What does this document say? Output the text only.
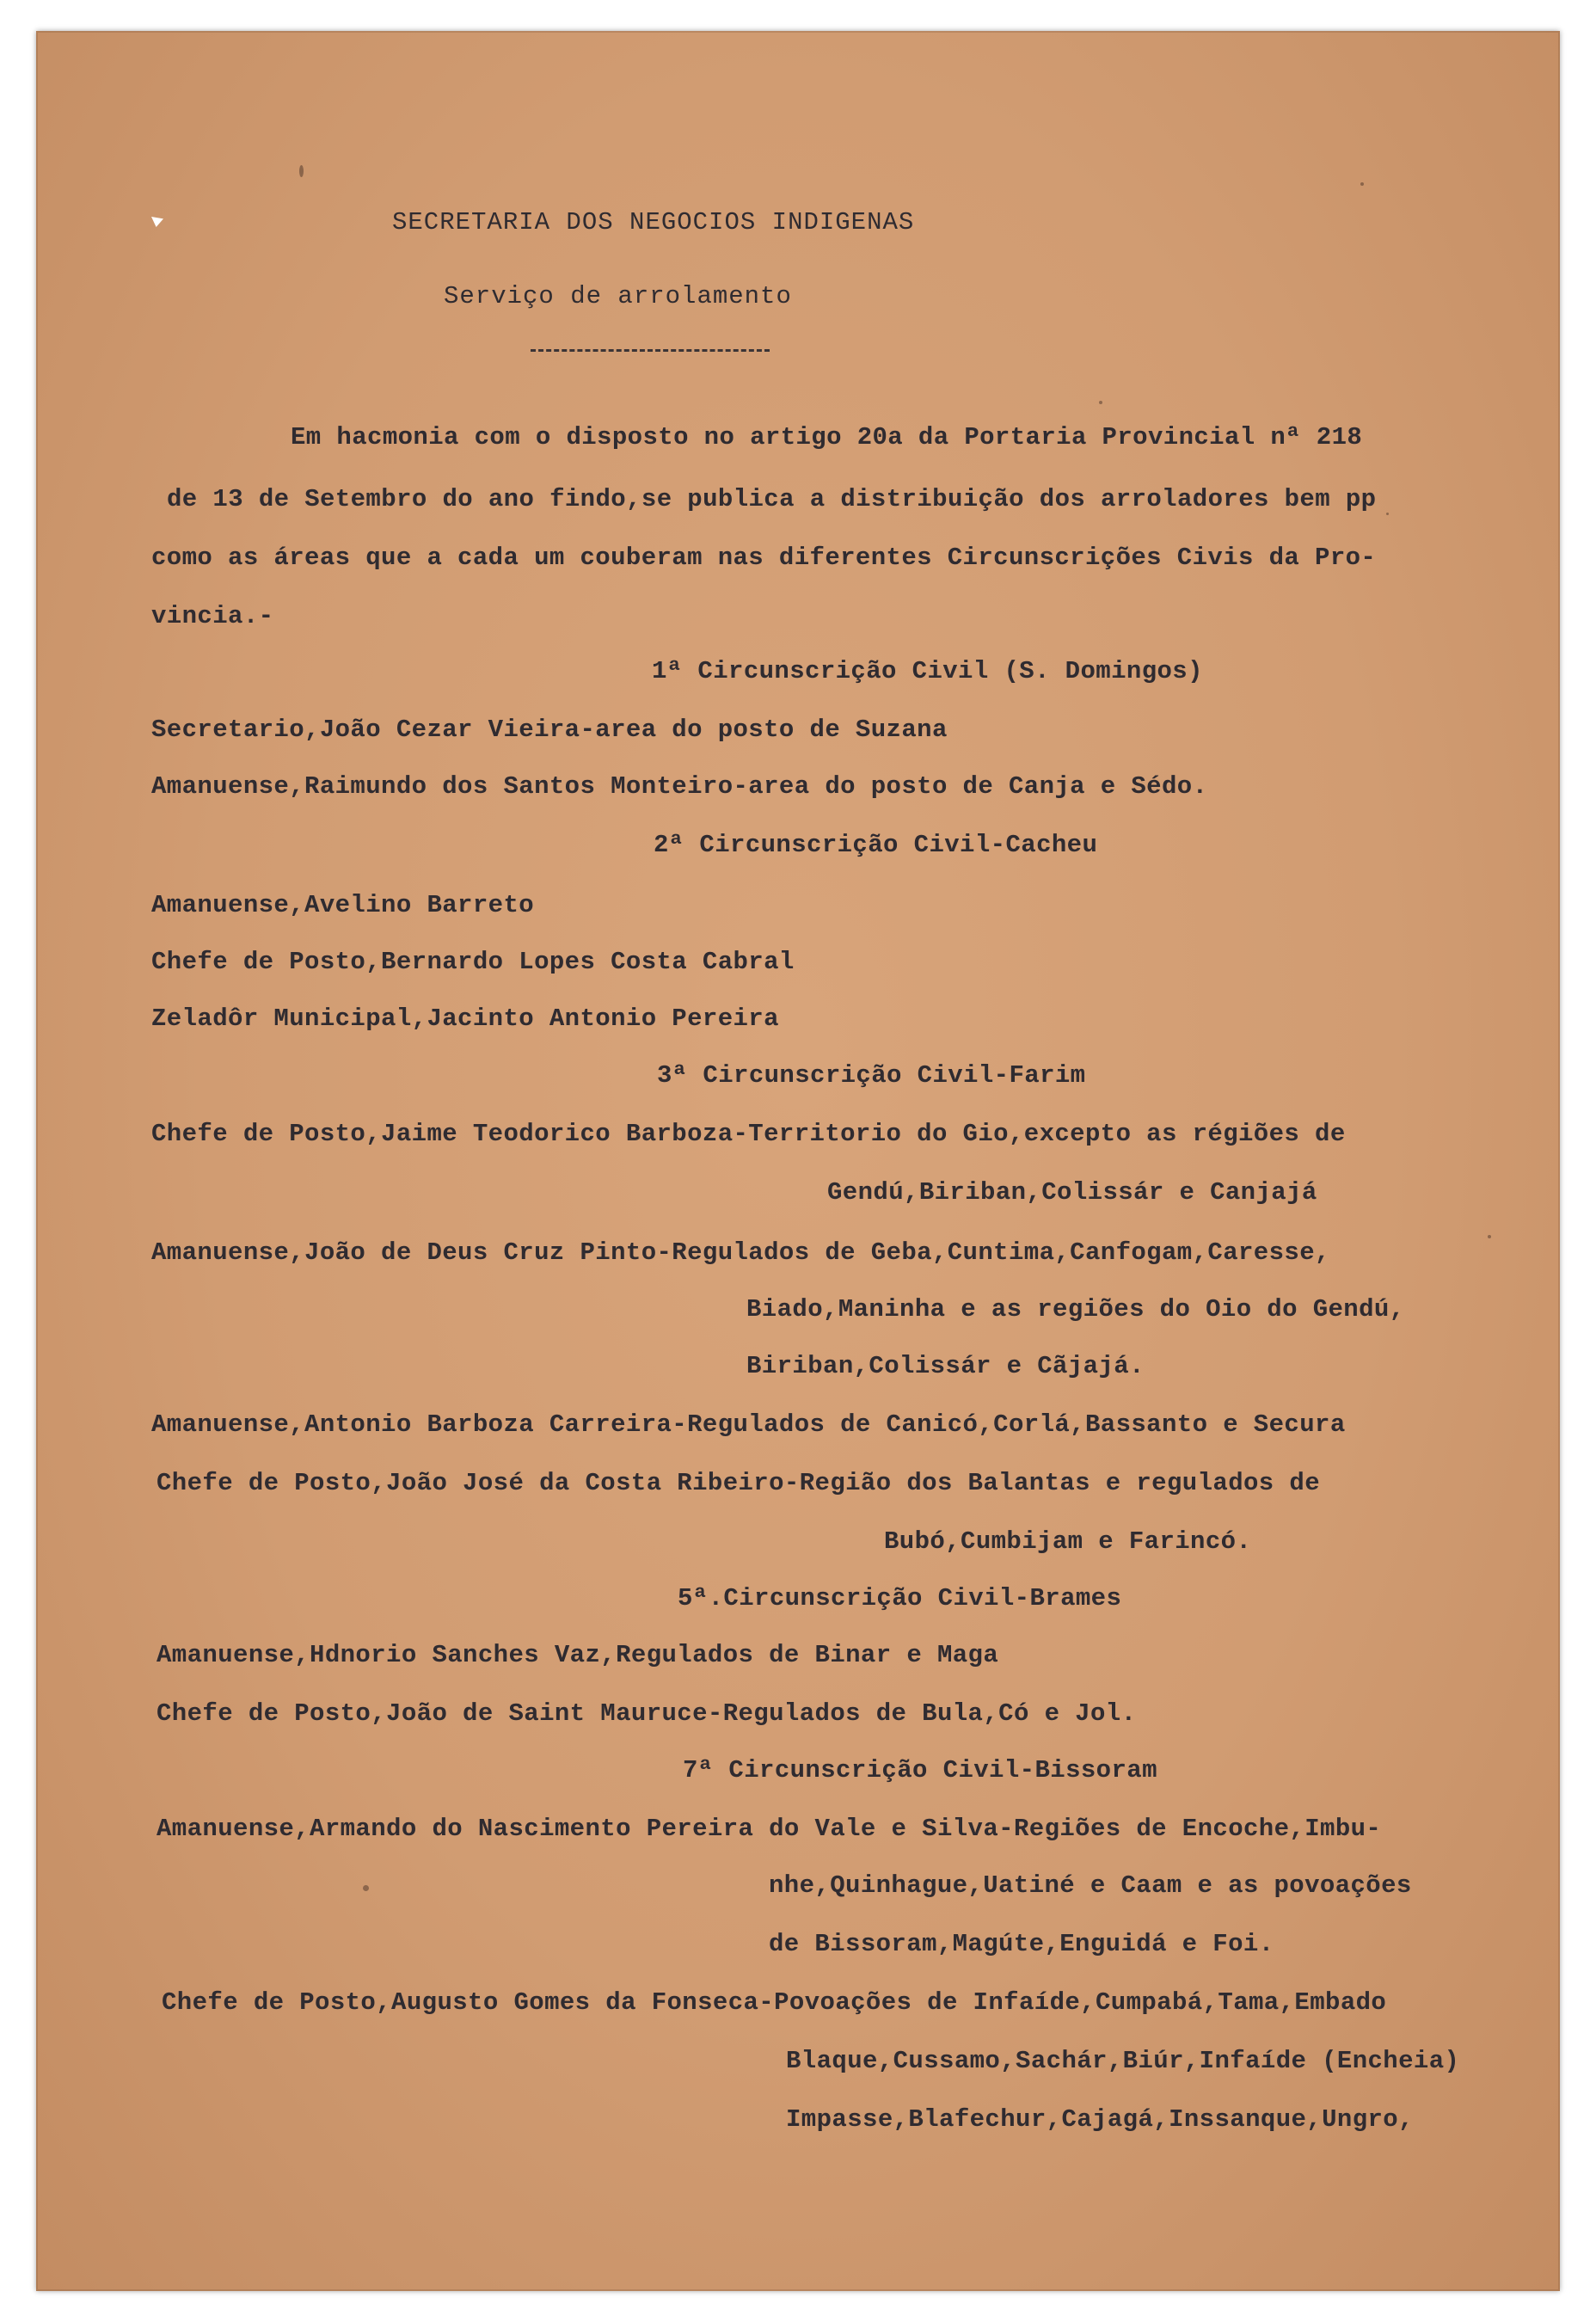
SECRETARIA DOS NEGOCIOS INDIGENAS
Serviço de arrolamento
Em hacmonia com o disposto no artigo 20a da Portaria Provincial nª 218
de 13 de Setembro do ano findo,se publica a distribuição dos arroladores bem pp
como as áreas que a cada um couberam nas diferentes Circunscrições Civis da Pro-
vincia.-
1ª Circunscrição Civil (S. Domingos)
Secretario,João Cezar Vieira-area do posto de Suzana
Amanuense,Raimundo dos Santos Monteiro-area do posto de Canja e Sédo.
2ª Circunscrição Civil-Cacheu
Amanuense,Avelino Barreto
Chefe de Posto,Bernardo Lopes Costa Cabral
Zeladôr Municipal,Jacinto Antonio Pereira
3ª Circunscrição Civil-Farim
Chefe de Posto,Jaime Teodorico Barboza-Territorio do Gio,excepto as régiões de
Gendú,Biriban,Colissár e Canjajá
Amanuense,João de Deus Cruz Pinto-Regulados de Geba,Cuntima,Canfogam,Caresse,
Biado,Maninha e as regiões do Oio do Gendú,
Biriban,Colissár e Cãjajá.
Amanuense,Antonio Barboza Carreira-Regulados de Canicó,Corlá,Bassanto e Secura
Chefe de Posto,João José da Costa Ribeiro-Região dos Balantas e regulados de
Bubó,Cumbijam e Farincó.
5ª.Circunscrição Civil-Brames
Amanuense,Hdnorio Sanches Vaz,Regulados de Binar e Maga
Chefe de Posto,João de Saint Mauruce-Regulados de Bula,Có e Jol.
7ª Circunscrição Civil-Bissoram
Amanuense,Armando do Nascimento Pereira do Vale e Silva-Regiões de Encoche,Imbu-
nhe,Quinhague,Uatiné e Caam e as povoações
de Bissoram,Magúte,Enguidá e Foi.
Chefe de Posto,Augusto Gomes da Fonseca-Povoações de Infaíde,Cumpabá,Tama,Embado
Blaque,Cussamo,Sachár,Biúr,Infaíde (Encheia)
Impasse,Blafechur,Cajagá,Inssanque,Ungro,
